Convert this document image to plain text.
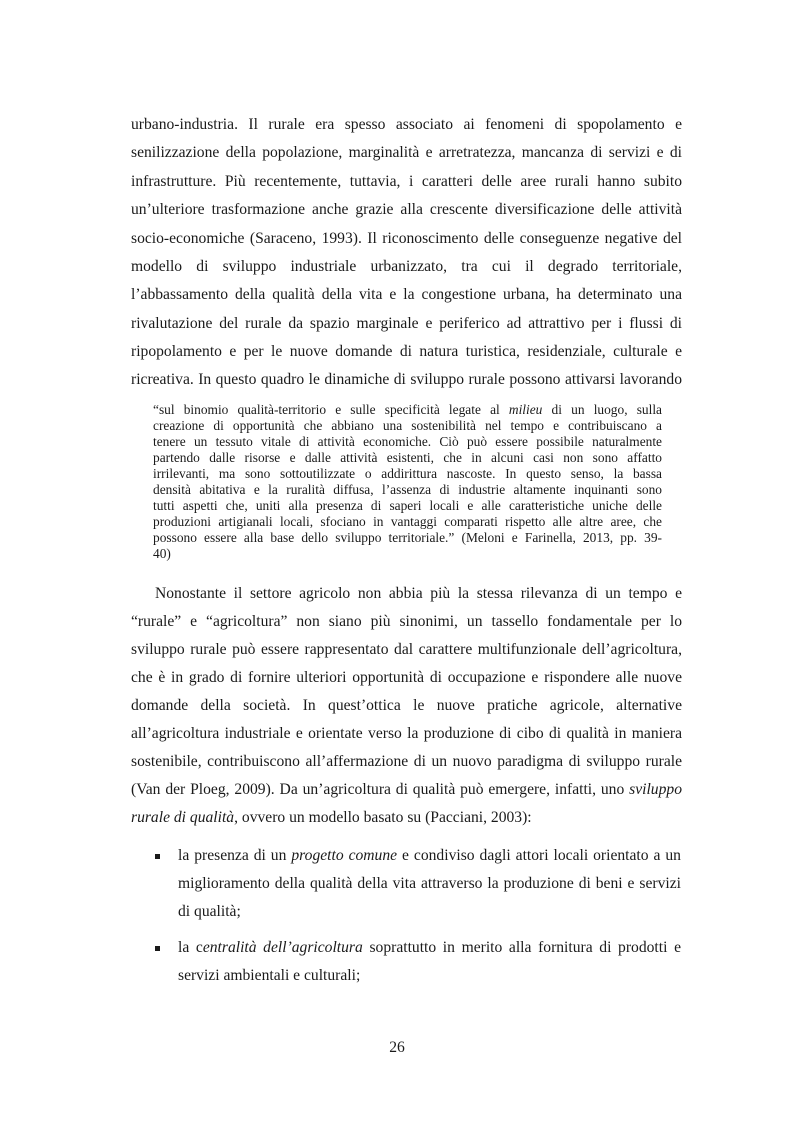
urbano-industria. Il rurale era spesso associato ai fenomeni di spopolamento e
senilizzazione della popolazione, marginalità e arretratezza, mancanza di servizi e di
infrastrutture. Più recentemente, tuttavia, i caratteri delle aree rurali hanno subito
un’ulteriore trasformazione anche grazie alla crescente diversificazione delle attività
socio-economiche (Saraceno, 1993). Il riconoscimento delle conseguenze negative del
modello di sviluppo industriale urbanizzato, tra cui il degrado territoriale,
l’abbassamento della qualità della vita e la congestione urbana, ha determinato una
rivalutazione del rurale da spazio marginale e periferico ad attrattivo per i flussi di
ripopolamento e per le nuove domande di natura turistica, residenziale, culturale e
ricreativa. In questo quadro le dinamiche di sviluppo rurale possono attivarsi lavorando
“sul binomio qualità-territorio e sulle specificità legate al milieu di un luogo, sulla
creazione di opportunità che abbiano una sostenibilità nel tempo e contribuiscano a
tenere un tessuto vitale di attività economiche. Ciò può essere possibile naturalmente
partendo dalle risorse e dalle attività esistenti, che in alcuni casi non sono affatto
irrilevanti, ma sono sottoutilizzate o addirittura nascoste. In questo senso, la bassa
densità abitativa e la ruralità diffusa, l’assenza di industrie altamente inquinanti sono
tutti aspetti che, uniti alla presenza di saperi locali e alle caratteristiche uniche delle
produzioni artigianali locali, sfociano in vantaggi comparati rispetto alle altre aree, che
possono essere alla base dello sviluppo territoriale.” (Meloni e Farinella, 2013, pp. 39-
40)
Nonostante il settore agricolo non abbia più la stessa rilevanza di un tempo e
“rurale” e “agricoltura” non siano più sinonimi, un tassello fondamentale per lo
sviluppo rurale può essere rappresentato dal carattere multifunzionale dell’agricoltura,
che è in grado di fornire ulteriori opportunità di occupazione e rispondere alle nuove
domande della società. In quest’ottica le nuove pratiche agricole, alternative
all’agricoltura industriale e orientate verso la produzione di cibo di qualità in maniera
sostenibile, contribuiscono all’affermazione di un nuovo paradigma di sviluppo rurale
(Van der Ploeg, 2009). Da un’agricoltura di qualità può emergere, infatti, uno sviluppo
rurale di qualità, ovvero un modello basato su (Pacciani, 2003):
la presenza di un progetto comune e condiviso dagli attori locali orientato a un
miglioramento della qualità della vita attraverso la produzione di beni e servizi
di qualità;
la centralità dell’agricoltura soprattutto in merito alla fornitura di prodotti e
servizi ambientali e culturali;
26
